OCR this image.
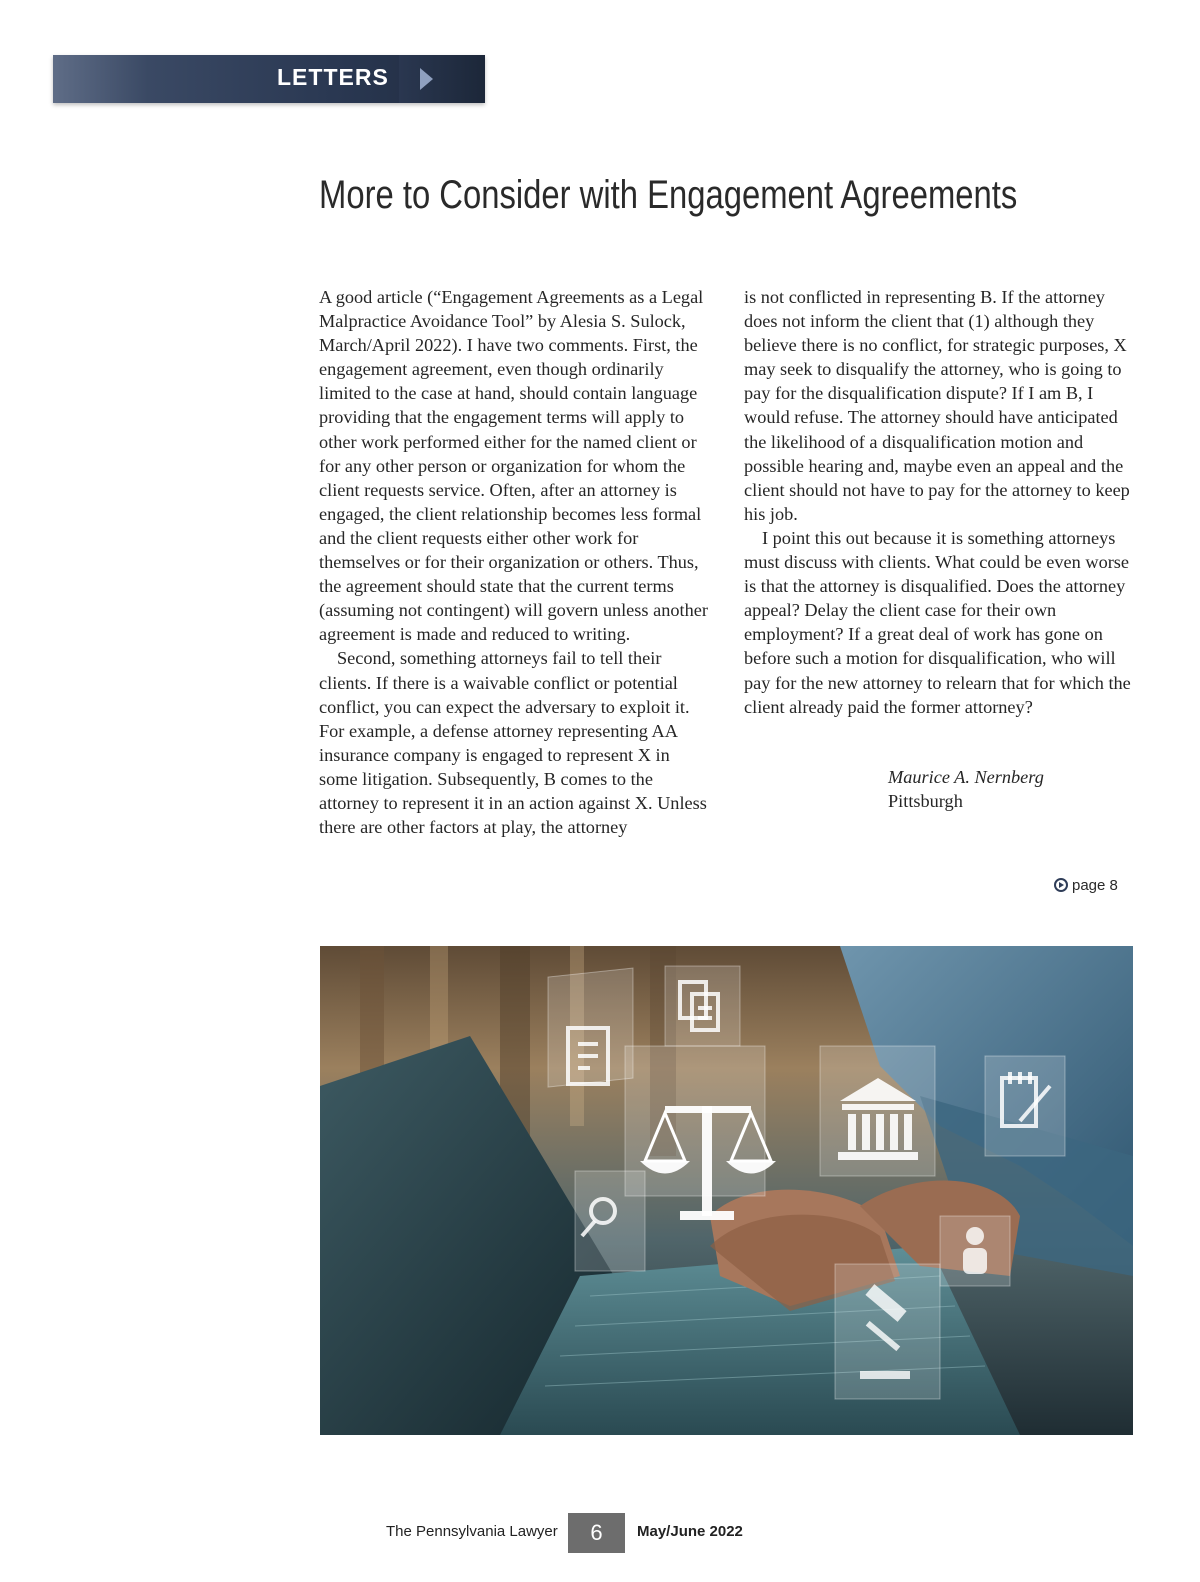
LETTERS
More to Consider with Engagement Agreements

A good article (“Engagement Agreements as a Legal Malpractice Avoidance Tool” by Alesia S. Sulock, March/April 2022). I have two comments. First, the engagement agreement, even though ordinarily limited to the case at hand, should contain language providing that the engagement terms will apply to other work performed either for the named client or for any other person or organization for whom the client requests service. Often, after an attorney is engaged, the client relationship becomes less formal and the client requests either other work for themselves or for their organization or others. Thus, the agreement should state that the current terms (assuming not contingent) will govern unless another agreement is made and reduced to writing.

Second, something attorneys fail to tell their clients. If there is a waivable conflict or potential conflict, you can expect the adversary to exploit it. For example, a defense attorney representing AA insurance company is engaged to represent X in some litigation. Subsequently, B comes to the attorney to represent it in an action against X. Unless there are other factors at play, the attorney

is not conflicted in representing B. If the attorney does not inform the client that (1) although they believe there is no conflict, for strategic purposes, X may seek to disqualify the attorney, who is going to pay for the disqualification dispute? If I am B, I would refuse. The attorney should have anticipated the likelihood of a disqualification motion and possible hearing and, maybe even an appeal and the client should not have to pay for the attorney to keep his job.

I point this out because it is something attorneys must discuss with clients. What could be even worse is that the attorney is disqualified. Does the attorney appeal? Delay the client case for their own employment? If a great deal of work has gone on before such a motion for disqualification, who will pay for the new attorney to relearn that for which the client already paid the former attorney?

Maurice A. Nernberg
Pittsburgh
page 8
The Pennsylvania Lawyer	6	May/June 2022
